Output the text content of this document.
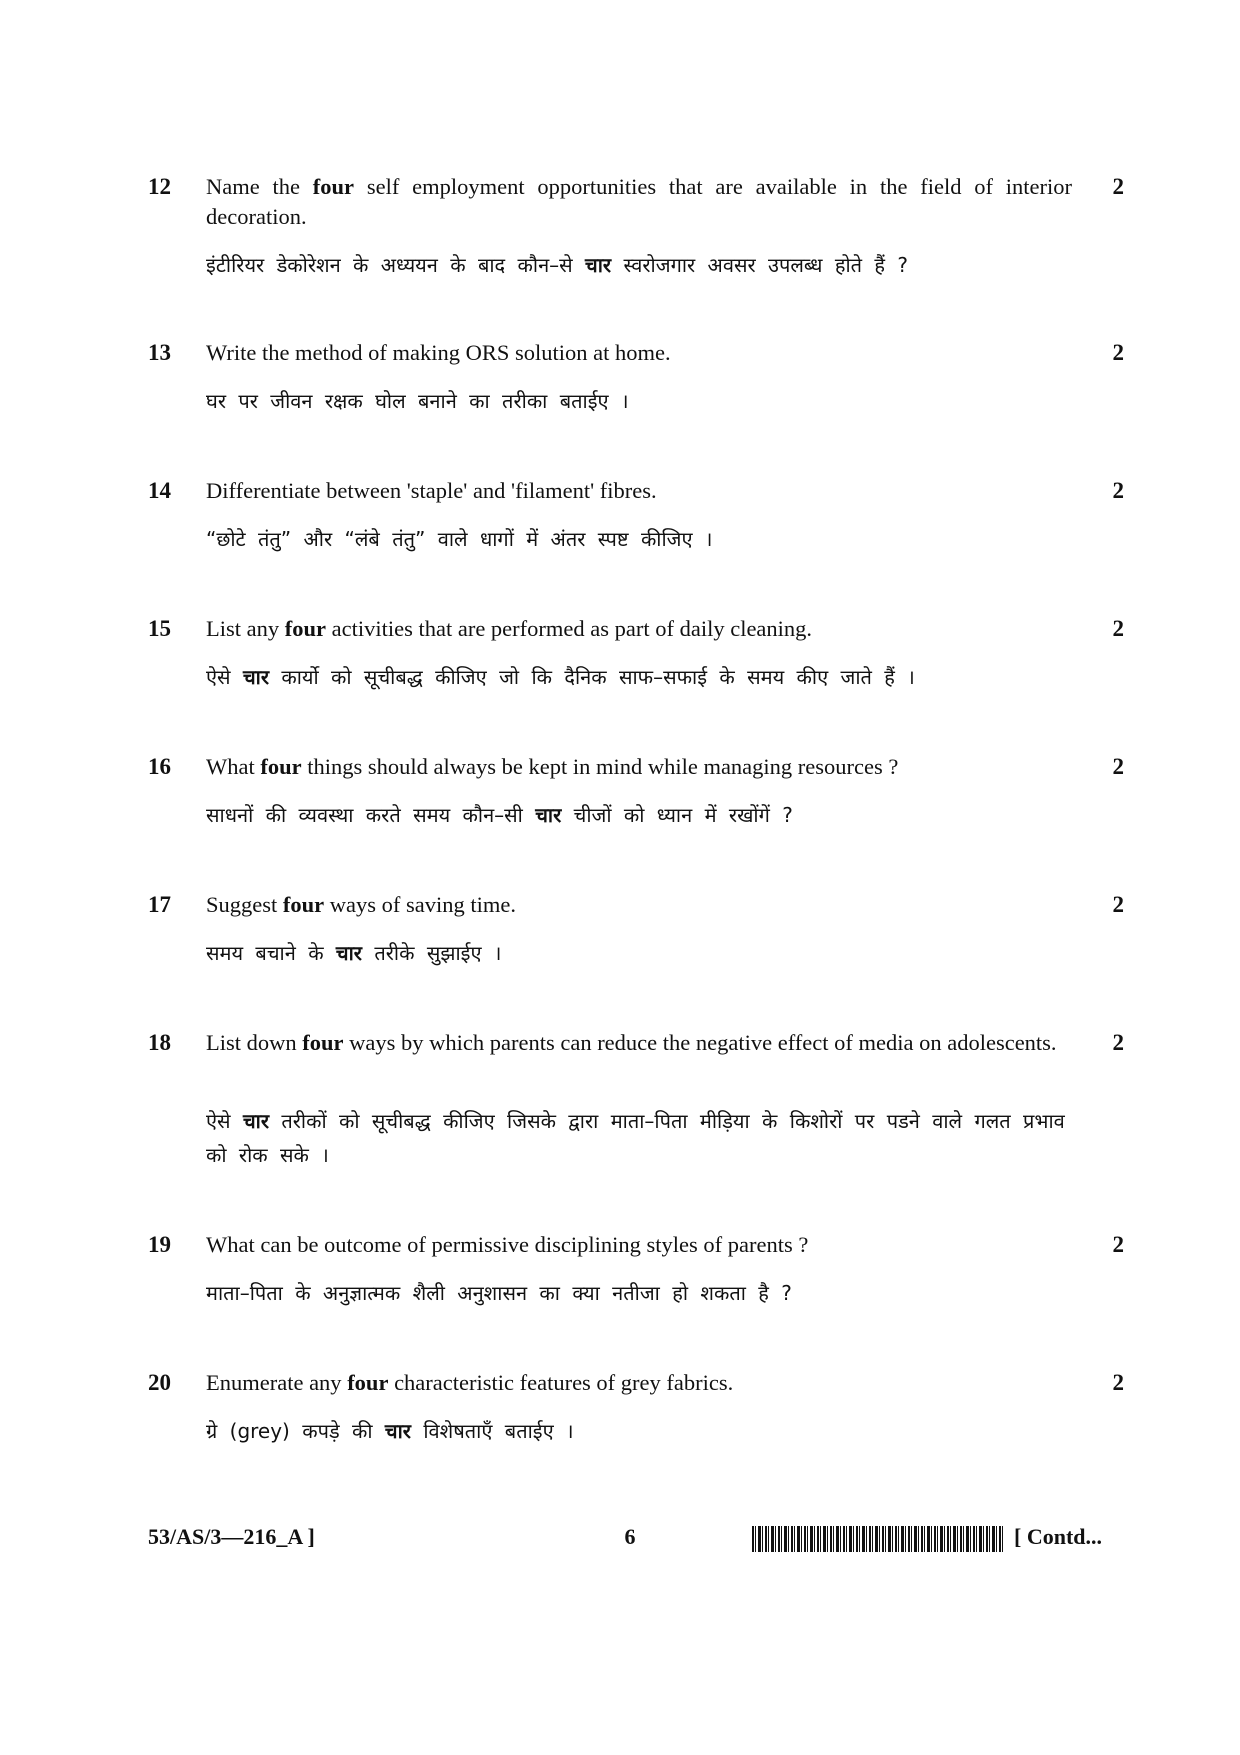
12 Name the four self employment opportunities that are available in the field of interior decoration.
इंटीरियर डेकोरेशन के अध्ययन के बाद कौन–से चार स्वरोजगार अवसर उपलब्ध होते हैं ?
2
13 Write the method of making ORS solution at home.
घर पर जीवन रक्षक घोल बनाने का तरीका बताईए ।
2
14 Differentiate between 'staple' and 'filament' fibres.
“छोटे तंतु” और “लंबे तंतु” वाले धागों में अंतर स्पष्ट कीजिए ।
2
15 List any four activities that are performed as part of daily cleaning.
ऐसे चार कार्यो को सूचीबद्ध कीजिए जो कि दैनिक साफ–सफाई के समय कीए जाते हैं ।
2
16 What four things should always be kept in mind while managing resources ?
साधनों की व्यवस्था करते समय कौन–सी चार चीजों को ध्यान में रखोंगें ?
2
17 Suggest four ways of saving time.
समय बचाने के चार तरीके सुझाईए ।
2
18 List down four ways by which parents can reduce the negative effect of media on adolescents.
ऐसे चार तरीकों को सूचीबद्ध कीजिए जिसके द्वारा माता–पिता मीड़िया के किशोरों पर पडने वाले गलत प्रभाव को रोक सके ।
2
19 What can be outcome of permissive disciplining styles of parents ?
माता–पिता के अनुज्ञात्मक शैली अनुशासन का क्या नतीजा हो शकता है ?
2
20 Enumerate any four characteristic features of grey fabrics.
ग्रे (grey) कपड़े की चार विशेषताएँ बताईए ।
2
53/AS/3—216_A ]	6	[ Contd...
